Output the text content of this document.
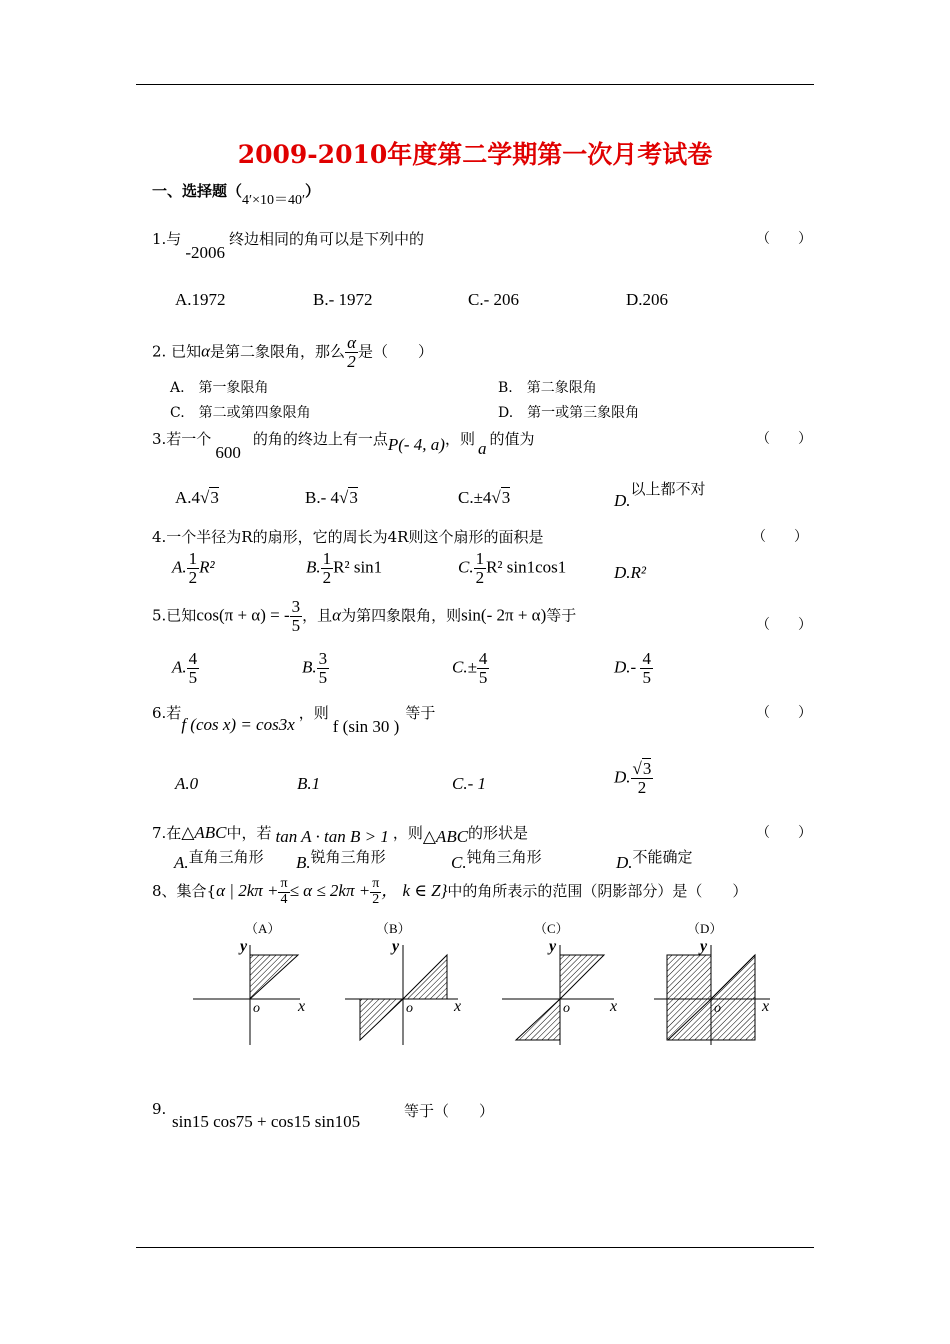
2009-2010年度第二学期第一次月考试卷
一、选择题（4′×10＝40′）
1.与-2006终边相同的角可以是下列中的	（　　）
A.1972	B.- 1972	C.- 206	D.206
2. 已知α是第二象限角，那么 $\frac{\alpha}{2}$ 是（　　）
A.　第一象限角	B.　第二象限角
C.　第二或第四象限角	D.　第一或第三象限角
3.若一个600的角的终边上有一点P(- 4, a)，则 a 的值为	（　　）
A.4√3	B.- 4√3	C.±4√3	D.以上都不对
4.一个半径为R的扇形，它的周长为4R则这个扇形的面积是	（　　）
A. $\frac{1}{2} R^2$	B. $\frac{1}{2} R^2$ sin1	C. $\frac{1}{2} R^2$ sin1cos1	D.R²
5.已知cos(π + α) = - $\frac{3}{5}$ ，且α为第四象限角，则sin(- 2π + α)等于
（　　）
A. $\frac{4}{5}$	B. $\frac{3}{5}$	$C.\pm \frac{4}{5}$	$D.- \frac{4}{5}$
6.若f (cos x) = cos3x，则f (sin 30 )等于	（　　）
A.0	B.1	C.- 1	D. $\frac{√3}{2}$
7.在△ABC中，若 tan A · tan B > 1 ，则△ABC的形状是	（　　）
A.直角三角形 B.锐角三角形	C.钝角三角形	D.不能确定
8、集合{α | $2k\pi + \frac{\pi}{4} \le \alpha \le 2k\pi + \frac{\pi}{2}$ ， k ∈ Z}中的角所表示的范围（阴影部分）是（　　）
（A）
y
x
o
（B）
y
x
o
（C）
y
x
o
（D）
y
x
o
9.
sin15 cos75 + cos15 sin105
等于（　　）
